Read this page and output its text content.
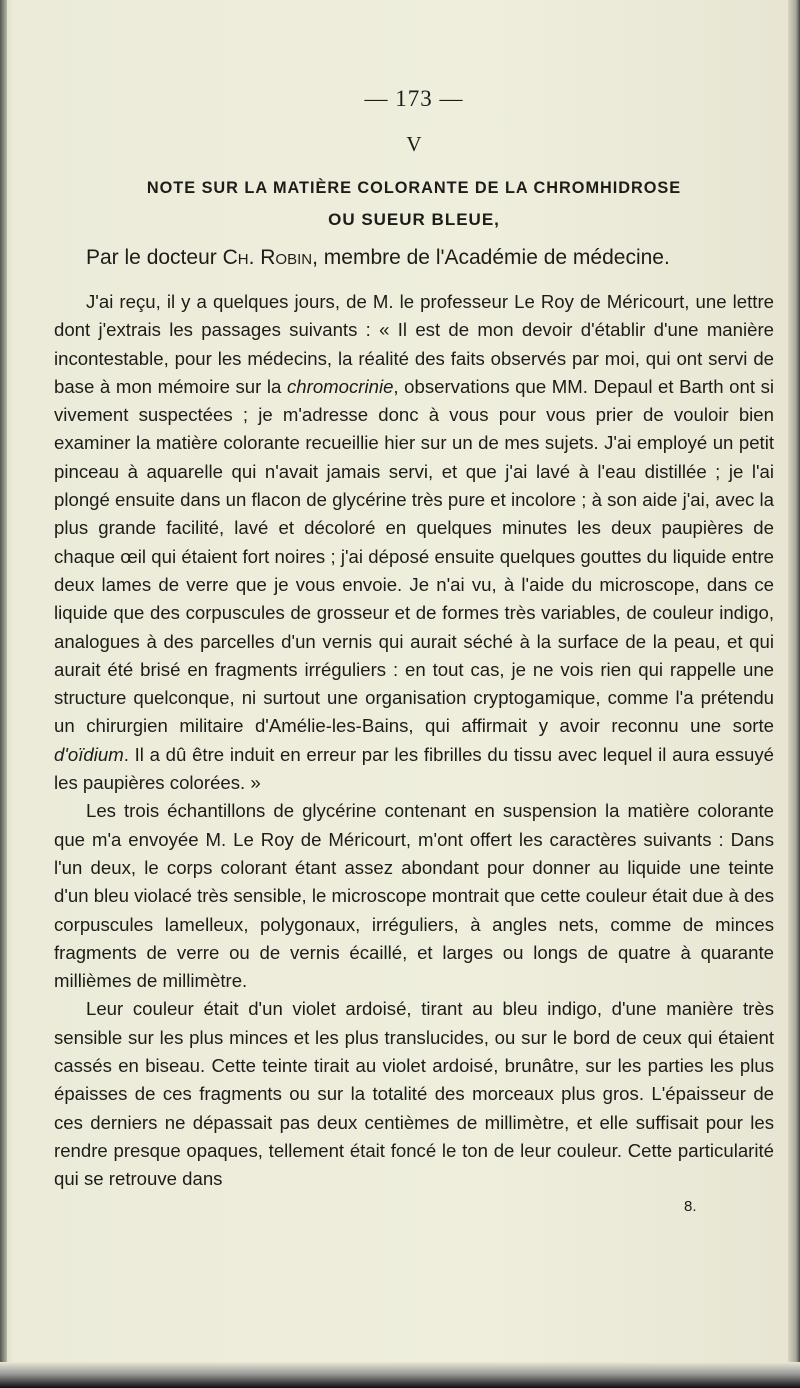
— 173 —
V
NOTE SUR LA MATIÈRE COLORANTE DE LA CHROMHIDROSE
OU SUEUR BLEUE,
Par le docteur Ch. Robin, membre de l'Académie de médecine.

J'ai reçu, il y a quelques jours, de M. le professeur Le Roy de Méricourt, une lettre dont j'extrais les passages suivants : « Il est de mon devoir d'établir d'une manière incontestable, pour les médecins, la réalité des faits observés par moi, qui ont servi de base à mon mémoire sur la chromocrinie, observations que MM. Depaul et Barth ont si vivement suspectées ; je m'adresse donc à vous pour vous prier de vouloir bien examiner la matière colorante recueillie hier sur un de mes sujets. J'ai employé un petit pinceau à aquarelle qui n'avait jamais servi, et que j'ai lavé à l'eau distillée ; je l'ai plongé ensuite dans un flacon de glycérine très pure et incolore ; à son aide j'ai, avec la plus grande facilité, lavé et décoloré en quelques minutes les deux paupières de chaque œil qui étaient fort noires ; j'ai déposé ensuite quelques gouttes du liquide entre deux lames de verre que je vous envoie. Je n'ai vu, à l'aide du microscope, dans ce liquide que des corpuscules de grosseur et de formes très variables, de couleur indigo, analogues à des parcelles d'un vernis qui aurait séché à la surface de la peau, et qui aurait été brisé en fragments irréguliers : en tout cas, je ne vois rien qui rappelle une structure quelconque, ni surtout une organisation cryptogamique, comme l'a prétendu un chirurgien militaire d'Amélie-les-Bains, qui affirmait y avoir reconnu une sorte d'oïdium. Il a dû être induit en erreur par les fibrilles du tissu avec lequel il aura essuyé les paupières colorées. »

Les trois échantillons de glycérine contenant en suspension la matière colorante que m'a envoyée M. Le Roy de Méricourt, m'ont offert les caractères suivants : Dans l'un deux, le corps colorant étant assez abondant pour donner au liquide une teinte d'un bleu violacé très sensible, le microscope montrait que cette couleur était due à des corpuscules lamelleux, polygonaux, irréguliers, à angles nets, comme de minces fragments de verre ou de vernis écaillé, et larges ou longs de quatre à quarante millièmes de millimètre.

Leur couleur était d'un violet ardoisé, tirant au bleu indigo, d'une manière très sensible sur les plus minces et les plus translucides, ou sur le bord de ceux qui étaient cassés en biseau. Cette teinte tirait au violet ardoisé, brunâtre, sur les parties les plus épaisses de ces fragments ou sur la totalité des morceaux plus gros. L'épaisseur de ces derniers ne dépassait pas deux centièmes de millimètre, et elle suffisait pour les rendre presque opaques, tellement était foncé le ton de leur couleur. Cette particularité qui se retrouve dans

8.
